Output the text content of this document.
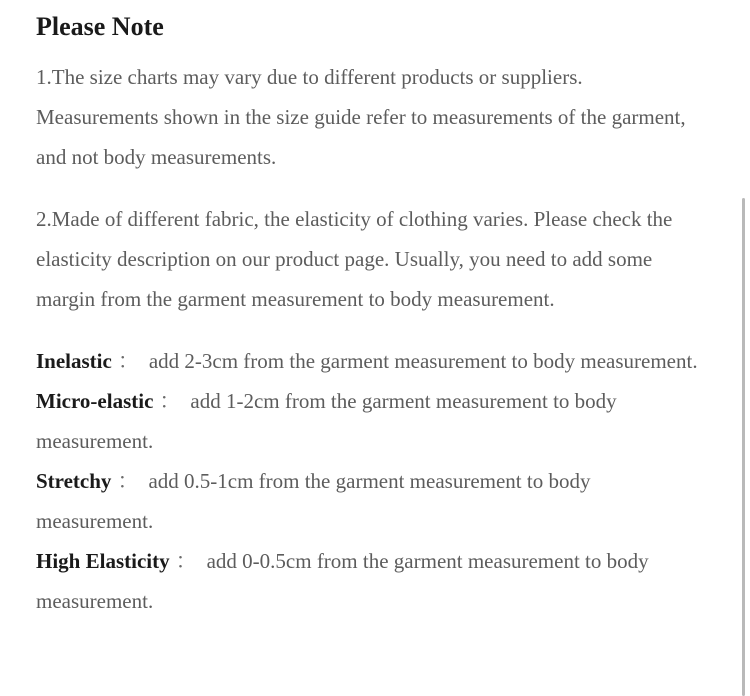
Please Note

1.The size charts may vary due to different products or suppliers. Measurements shown in the size guide refer to measurements of the garment, and not body measurements.

2.Made of different fabric, the elasticity of clothing varies. Please check the elasticity description on our product page. Usually, you need to add some margin from the garment measurement to body measurement.

Inelastic ： add 2-3cm from the garment measurement to body measurement.

Micro-elastic ： add 1-2cm from the garment measurement to body measurement.

Stretchy ： add 0.5-1cm from the garment measurement to body measurement.

High Elasticity ： add 0-0.5cm from the garment measurement to body measurement.
